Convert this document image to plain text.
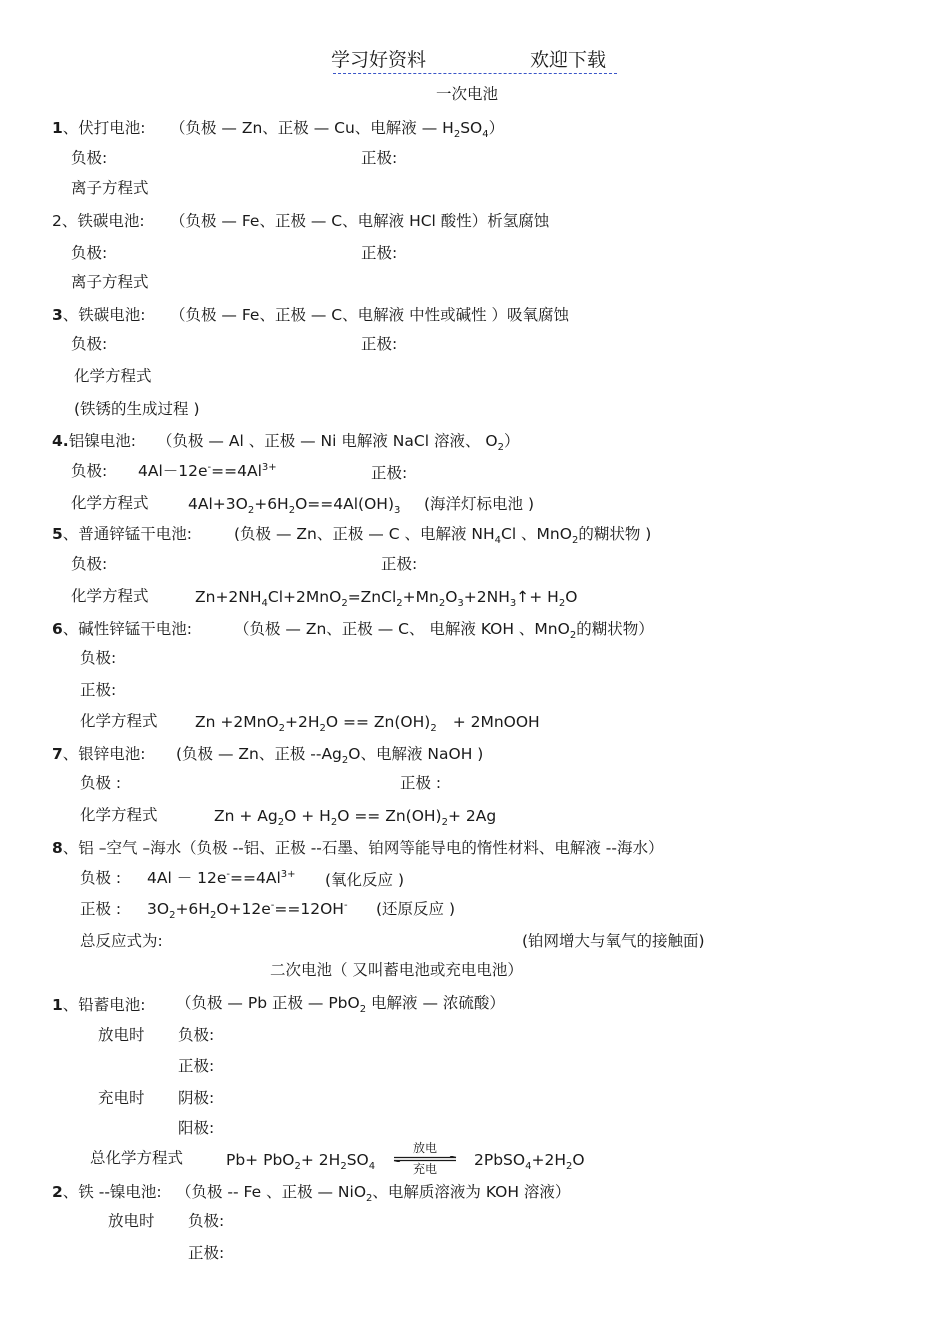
学习好资料	欢迎下载
一次电池
1、伏打电池: （负极 — Zn、正极 — Cu、电解液 — $H_2SO_4$）
负极:	正极:
离子方程式
2、铁碳电池: （负极 — Fe、正极 — C、电解液 HCl 酸性）析氢腐蚀
负极:	正极:
离子方程式
3、铁碳电池: （负极 — Fe、正极 — C、电解液 中性或碱性 ）吸氧腐蚀
负极:	正极:
化学方程式
(铁锈的生成过程 )
4.铝镍电池: （负极 — Al 、正极 — Ni 电解液 NaCl 溶液、 $O_2$）
负极: $4Al-12e^-==4Al^{3+}$	正极:
化学方程式	$4Al+3O_2+6H_2O==4Al(OH)_3$ (海洋灯标电池 )
5、普通锌锰干电池:	(负极 — Zn、正极 — C 、电解液 $NH_4Cl$ 、MnO$_2$的糊状物 )
负极:	正极:
化学方程式	$Zn+2NH_4Cl+2MnO_2=ZnCl_2+Mn_2O_3+2NH_3↑+ H_2O$
6、碱性锌锰干电池:	（负极 — Zn、正极 — C、 电解液 KOH 、MnO$_2$的糊状物）
负极:
正极:
化学方程式 $Zn +2MnO_2+2H_2O == Zn(OH)_2$ + 2MnOOH
7、银锌电池: (负极 — Zn、正极 $--Ag_2O$、电解液 NaOH )
负极 :	正极 :
化学方程式	$Zn + Ag_2O + H_2O == Zn(OH)_2+ 2Ag$
8、铝 –空气 –海水（负极 --铝、正极 --石墨、铂网等能导电的惰性材料、电解液 --海水）
负极 : $4Al - 12e^-==4Al^{3+}$ (氧化反应 )
正极 : $3O_2+6H_2O+12e^-==12OH^-$ (还原反应 )
总反应式为:	(铂网增大与氧气的接触面)
二次电池（ 又叫蓄电池或充电电池）
1、铅蓄电池: （负极 — Pb 正极 — PbO$_2$ 电解液 — 浓硫酸）
放电时 负极:
正极:
充电时 阴极:
阳极:
总化学方程式	$Pb+ PbO_2+ 2H_2SO_4$
放电
充电	$2PbSO_4+2H_2O$
2、铁 --镍电池: （负极 -- Fe 、正极 — NiO$_2$、电解质溶液为 KOH 溶液）
放电时 负极:
正极:
